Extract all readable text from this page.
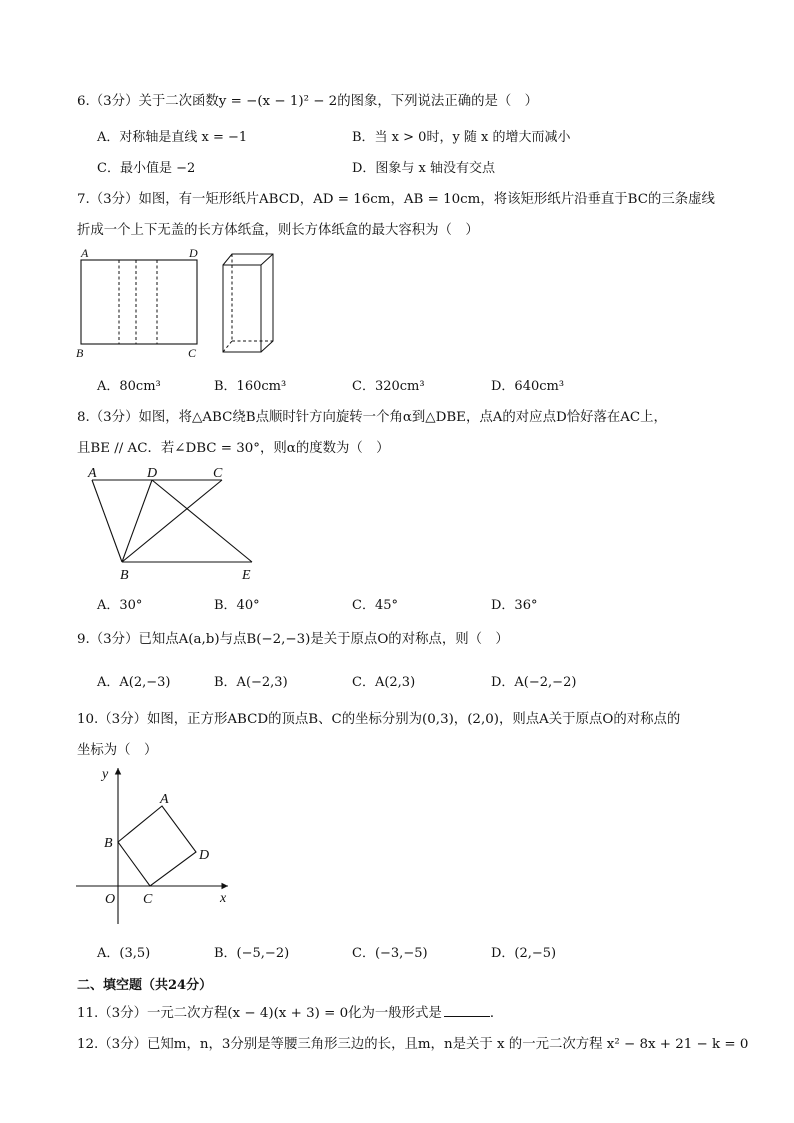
6.（3分）关于二次函数y = −(x − 1)² − 2的图象，下列说法正确的是（　）
A．对称轴是直线 x = −1	B．当 x > 0时，y 随 x 的增大而减小
C．最小值是 −2	D．图象与 x 轴没有交点
7.（3分）如图，有一矩形纸片ABCD，AD = 16cm，AB = 10cm，将该矩形纸片沿垂直于BC的三条虚线
折成一个上下无盖的长方体纸盒，则长方体纸盒的最大容积为（　）
A	D
B	C
A．80cm³	B．160cm³	C．320cm³	D．640cm³
8.（3分）如图，将△ABC绕B点顺时针方向旋转一个角α到△DBE，点A的对应点D恰好落在AC上，
且BE // AC．若∠DBC = 30°，则α的度数为（　）
A	D	C
B	E
A．30°	B．40°	C．45°	D．36°
9.（3分）已知点A(a,b)与点B(−2,−3)是关于原点O的对称点，则（　）
A．A(2,−3)	B．A(−2,3)	C．A(2,3)	D．A(−2,−2)
10.（3分）如图，正方形ABCD的顶点B、C的坐标分别为(0,3)，(2,0)，则点A关于原点O的对称点的
坐标为（　）
y
x
A
B
D
O C
A．(3,5)	B．(−5,−2)	C．(−3,−5)	D．(2,−5)
二、填空题（共24分）
11.（3分）一元二次方程(x − 4)(x + 3) = 0化为一般形式是	．
12.（3分）已知m，n，3分别是等腰三角形三边的长，且m，n是关于 x 的一元二次方程 x² − 8x + 21 − k = 0
